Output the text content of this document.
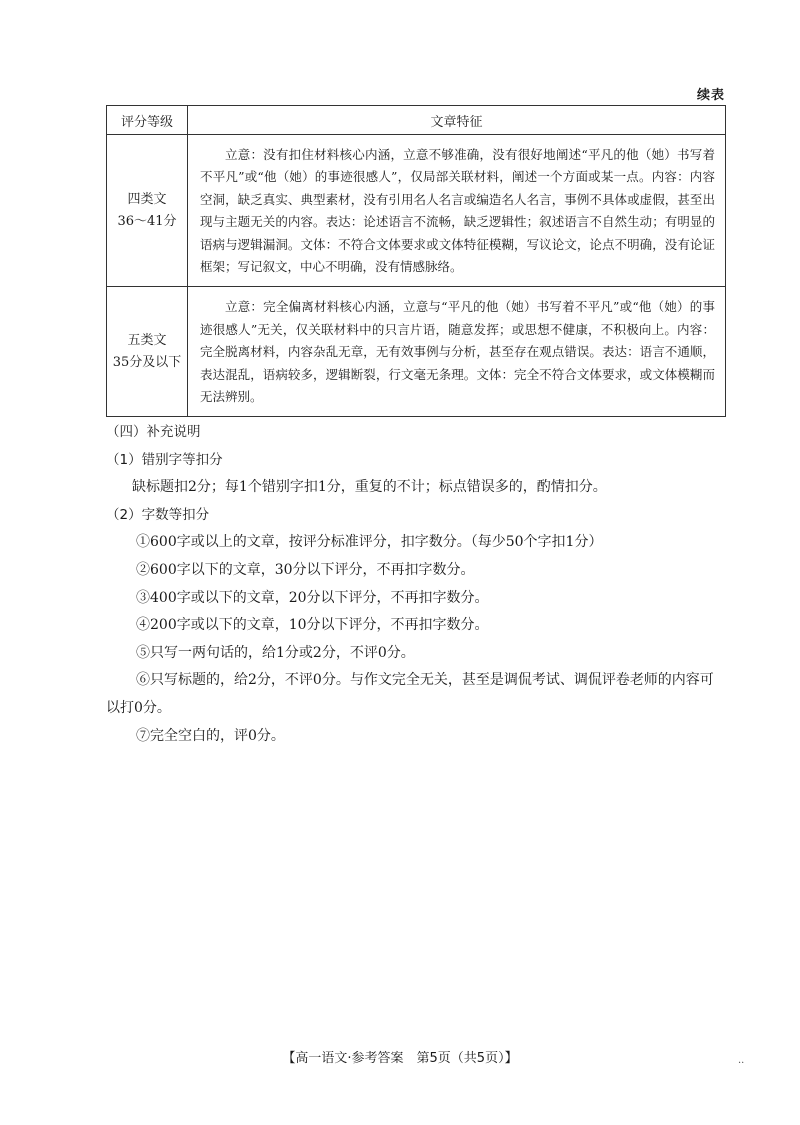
续表
评分等级	文章特征

四类文
36～41分	立意：没有扣住材料核心内涵，立意不够准确，没有很好地阐述“平凡的他（她）书写着不平凡”或“他（她）的事迹很感人”，仅局部关联材料，阐述一个方面或某一点。内容：内容空洞，缺乏真实、典型素材，没有引用名人名言或编造名人名言，事例不具体或虚假，甚至出现与主题无关的内容。表达：论述语言不流畅，缺乏逻辑性；叙述语言不自然生动；有明显的语病与逻辑漏洞。文体：不符合文体要求或文体特征模糊，写议论文，论点不明确，没有论证框架；写记叙文，中心不明确，没有情感脉络。

五类文
35分及以下	立意：完全偏离材料核心内涵，立意与“平凡的他（她）书写着不平凡”或“他（她）的事迹很感人”无关，仅关联材料中的只言片语，随意发挥；或思想不健康，不积极向上。内容：完全脱离材料，内容杂乱无章，无有效事例与分析，甚至存在观点错误。表达：语言不通顺，表达混乱，语病较多，逻辑断裂，行文毫无条理。文体：完全不符合文体要求，或文体模糊而无法辨别。

（四）补充说明

（1）错别字等扣分

缺标题扣2分；每1个错别字扣1分，重复的不计；标点错误多的，酌情扣分。

（2）字数等扣分

①600字或以上的文章，按评分标准评分，扣字数分。（每少50个字扣1分）

②600字以下的文章，30分以下评分，不再扣字数分。

③400字或以下的文章，20分以下评分，不再扣字数分。

④200字或以下的文章，10分以下评分，不再扣字数分。

⑤只写一两句话的，给1分或2分，不评0分。

⑥只写标题的，给2分，不评0分。与作文完全无关，甚至是调侃考试、调侃评卷老师的内容可以打0分。

⑦完全空白的，评0分。

【高一语文·参考答案　第5页（共5页）】	··
